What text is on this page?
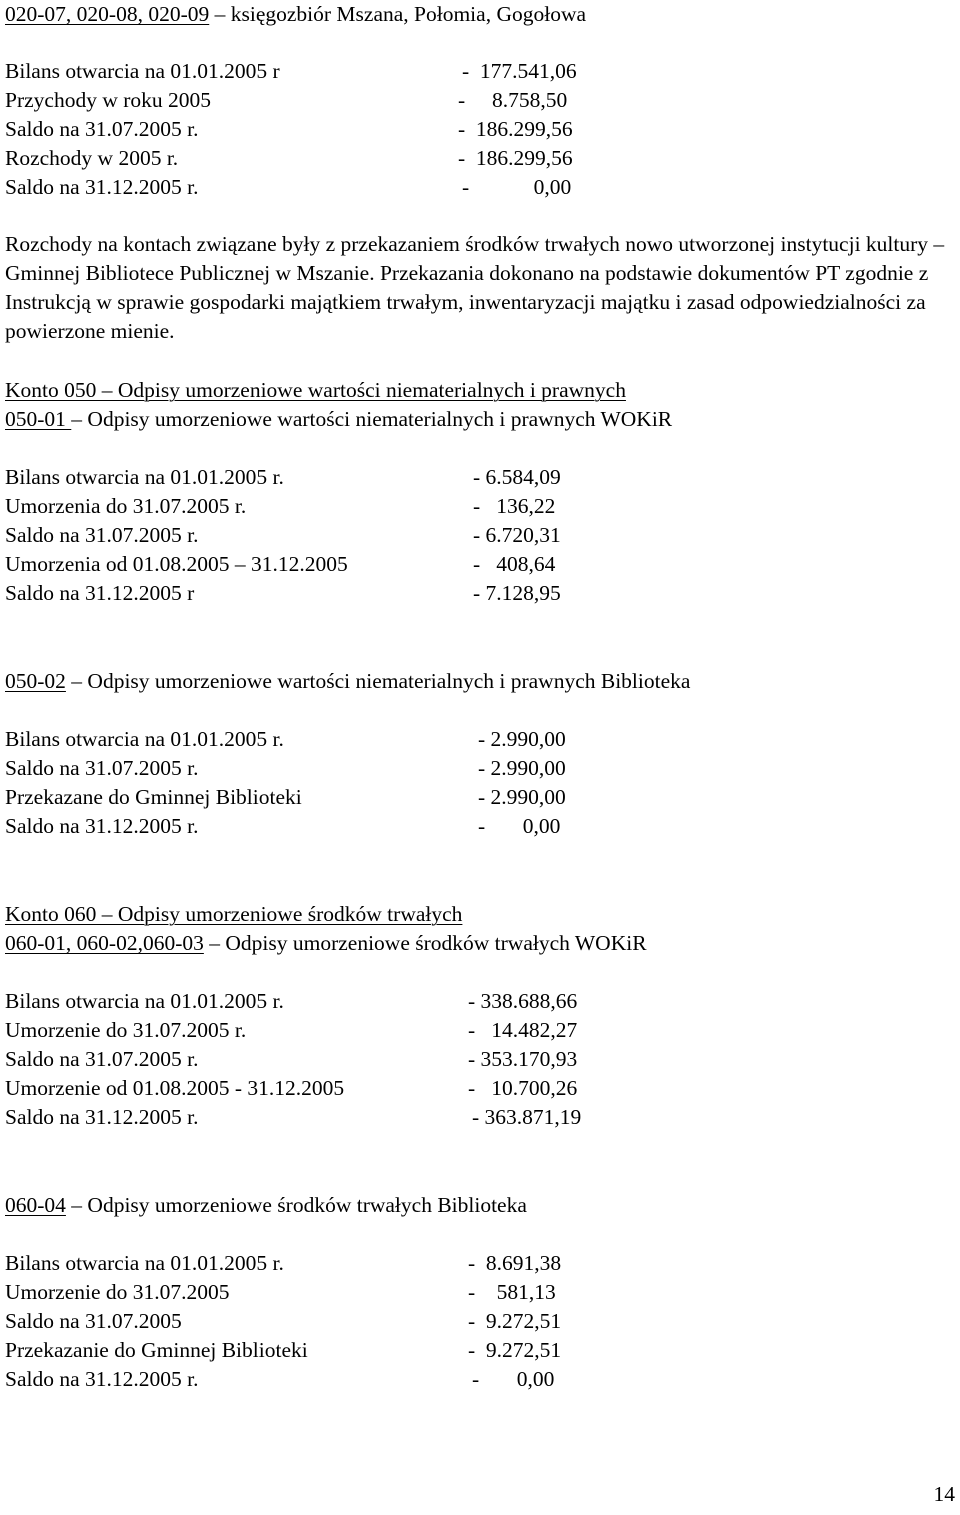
020-07, 020-08, 020-09 – księgozbiór Mszana, Połomia, Gogołowa
Bilans otwarcia na 01.01.2005 r	-  177.541,06
Przychody w roku 2005	-     8.758,50
Saldo na 31.07.2005 r.	-  186.299,56
Rozchody w 2005 r.	-  186.299,56
Saldo na 31.12.2005 r.	-            0,00

Rozchody na kontach związane były z przekazaniem środków trwałych nowo utworzonej instytucji kultury – Gminnej Bibliotece Publicznej w Mszanie. Przekazania dokonano na podstawie dokumentów PT zgodnie z Instrukcją w sprawie gospodarki majątkiem trwałym, inwentaryzacji majątku i zasad odpowiedzialności za powierzone mienie.

Konto 050 – Odpisy umorzeniowe wartości niematerialnych i prawnych
050-01 – Odpisy umorzeniowe wartości niematerialnych i prawnych WOKiR
Bilans otwarcia na 01.01.2005 r.	- 6.584,09
Umorzenia do 31.07.2005 r.	-   136,22
Saldo na 31.07.2005 r.	- 6.720,31
Umorzenia od 01.08.2005 – 31.12.2005	-   408,64
Saldo na 31.12.2005 r	- 7.128,95
050-02 – Odpisy umorzeniowe wartości niematerialnych i prawnych Biblioteka
Bilans otwarcia na 01.01.2005 r.	- 2.990,00
Saldo na 31.07.2005 r.	- 2.990,00
Przekazane do Gminnej Biblioteki	- 2.990,00
Saldo na 31.12.2005 r.	-       0,00
Konto 060 – Odpisy umorzeniowe środków trwałych
060-01, 060-02,060-03 – Odpisy umorzeniowe środków trwałych WOKiR
Bilans otwarcia na 01.01.2005 r.	- 338.688,66
Umorzenie do 31.07.2005 r.	-   14.482,27
Saldo na 31.07.2005 r.	- 353.170,93
Umorzenie od 01.08.2005 - 31.12.2005	-   10.700,26
Saldo na 31.12.2005 r.	- 363.871,19
060-04 – Odpisy umorzeniowe środków trwałych Biblioteka
Bilans otwarcia na 01.01.2005 r.	-  8.691,38
Umorzenie do 31.07.2005	-    581,13
Saldo na 31.07.2005	-  9.272,51
Przekazanie do Gminnej Biblioteki	-  9.272,51
Saldo na 31.12.2005 r.	-       0,00
14
